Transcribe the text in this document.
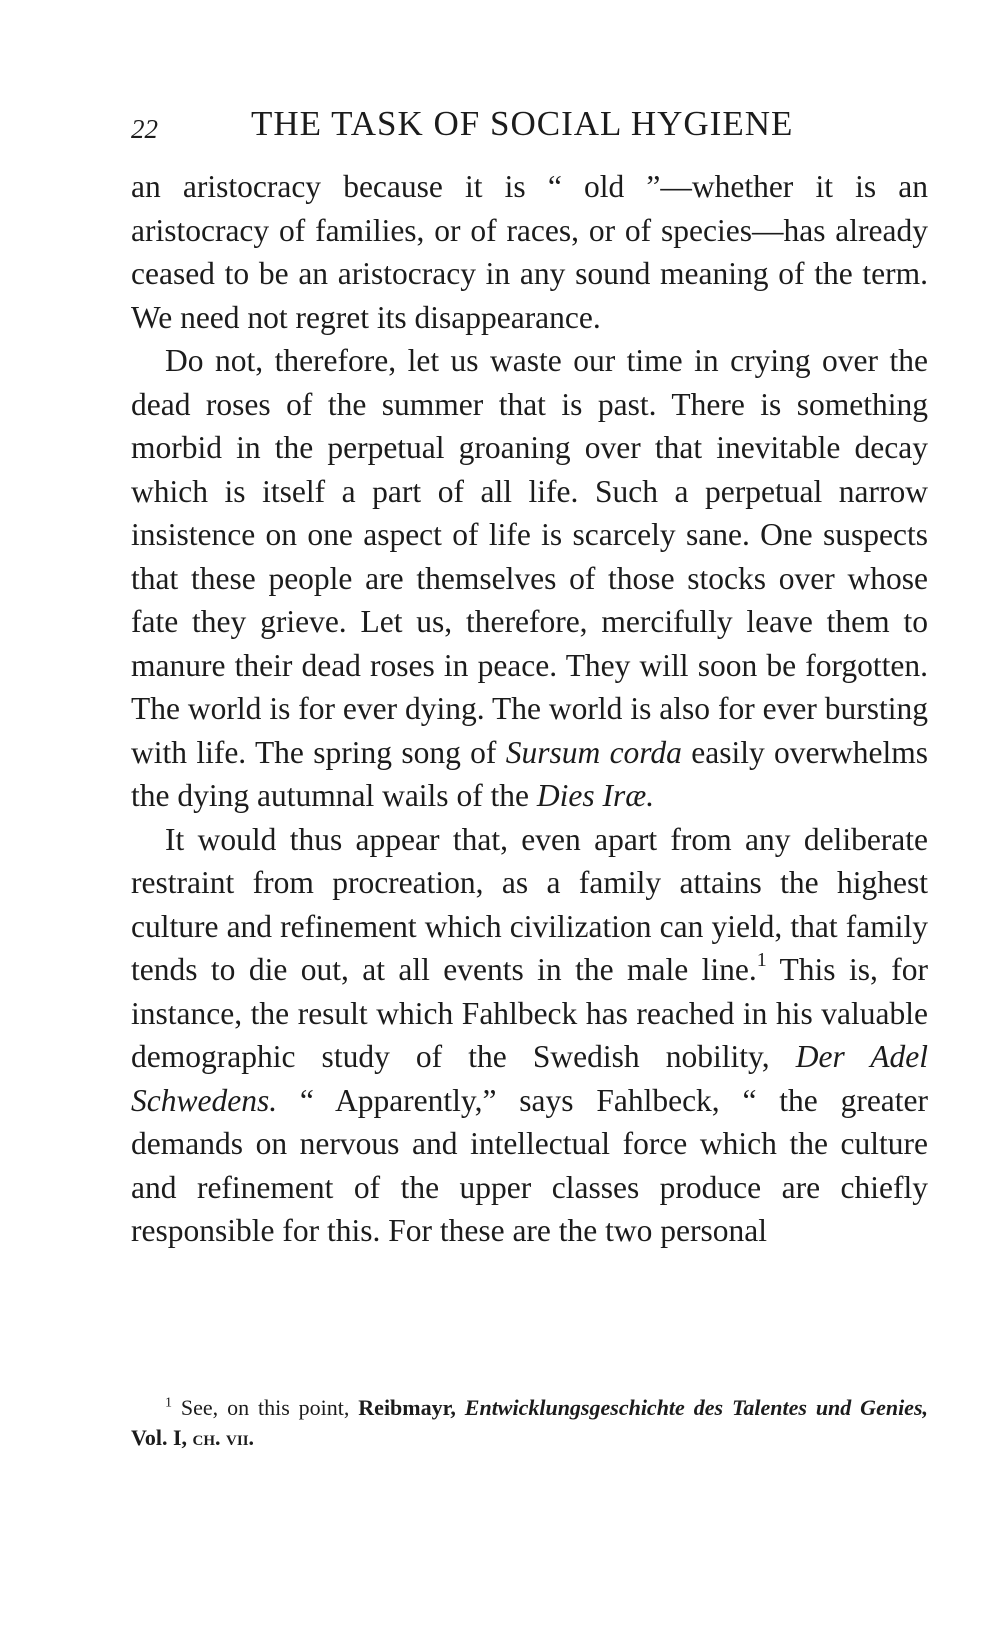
22	THE TASK OF SOCIAL HYGIENE

an aristocracy because it is “ old ”—whether it is an aristocracy of families, or of races, or of species—has already ceased to be an aristocracy in any sound meaning of the term. We need not regret its disappearance.

Do not, therefore, let us waste our time in crying over the dead roses of the summer that is past. There is something morbid in the perpetual groaning over that inevitable decay which is itself a part of all life. Such a perpetual narrow insistence on one aspect of life is scarcely sane. One suspects that these people are themselves of those stocks over whose fate they grieve. Let us, therefore, mercifully leave them to manure their dead roses in peace. They will soon be forgotten. The world is for ever dying. The world is also for ever bursting with life. The spring song of Sursum corda easily overwhelms the dying autumnal wails of the Dies Iræ.

It would thus appear that, even apart from any deliberate restraint from procreation, as a family attains the highest culture and refinement which civilization can yield, that family tends to die out, at all events in the male line.$^1$ This is, for instance, the result which Fahlbeck has reached in his valuable demographic study of the Swedish nobility, Der Adel Schwedens. “ Apparently,” says Fahlbeck, “ the greater demands on nervous and intellectual force which the culture and refinement of the upper classes produce are chiefly responsible for this. For these are the two personal

$^1$ See, on this point, Reibmayr, Entwicklungsgeschichte des Talentes und Genies, Vol. I, ch. vii.
